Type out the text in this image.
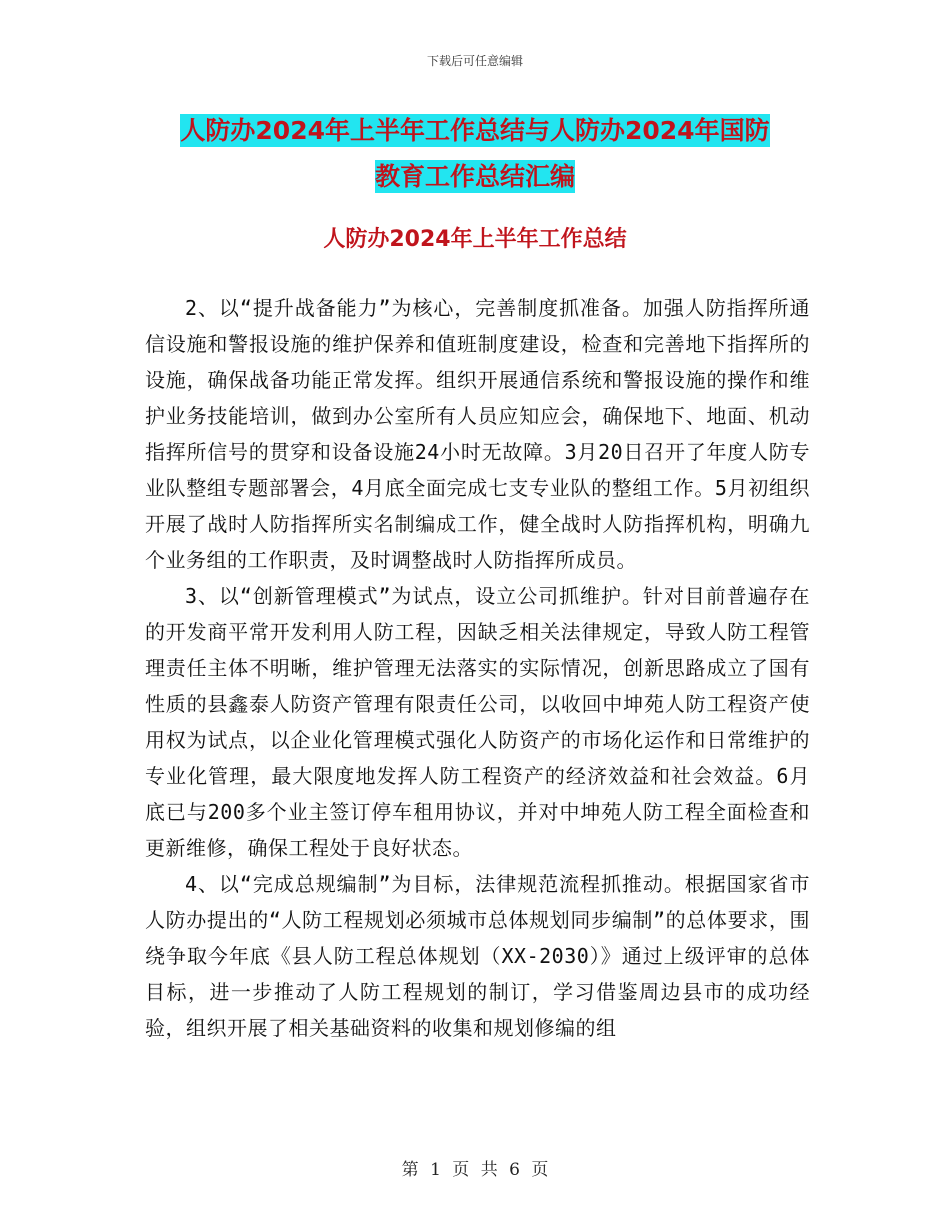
下载后可任意编辑
人防办2024年上半年工作总结与人防办2024年国防
教育工作总结汇编
人防办2024年上半年工作总结

2、以“提升战备能力”为核心，完善制度抓准备。加强人防指挥所通信设施和警报设施的维护保养和值班制度建设，检查和完善地下指挥所的设施，确保战备功能正常发挥。组织开展通信系统和警报设施的操作和维护业务技能培训，做到办公室所有人员应知应会，确保地下、地面、机动指挥所信号的贯穿和设备设施24小时无故障。3月20日召开了年度人防专业队整组专题部署会，4月底全面完成七支专业队的整组工作。5月初组织开展了战时人防指挥所实名制编成工作，健全战时人防指挥机构，明确九个业务组的工作职责，及时调整战时人防指挥所成员。

3、以“创新管理模式”为试点，设立公司抓维护。针对目前普遍存在的开发商平常开发利用人防工程，因缺乏相关法律规定，导致人防工程管理责任主体不明晰，维护管理无法落实的实际情况，创新思路成立了国有性质的县鑫泰人防资产管理有限责任公司，以收回中坤苑人防工程资产使用权为试点，以企业化管理模式强化人防资产的市场化运作和日常维护的专业化管理，最大限度地发挥人防工程资产的经济效益和社会效益。6月底已与200多个业主签订停车租用协议，并对中坤苑人防工程全面检查和更新维修，确保工程处于良好状态。

4、以“完成总规编制”为目标，法律规范流程抓推动。根据国家省市人防办提出的“人防工程规划必须城市总体规划同步编制”的总体要求，围绕争取今年底《县人防工程总体规划（XX-2030）》通过上级评审的总体目标，进一步推动了人防工程规划的制订，学习借鉴周边县市的成功经验，组织开展了相关基础资料的收集和规划修编的组

第 1 页 共 6 页
